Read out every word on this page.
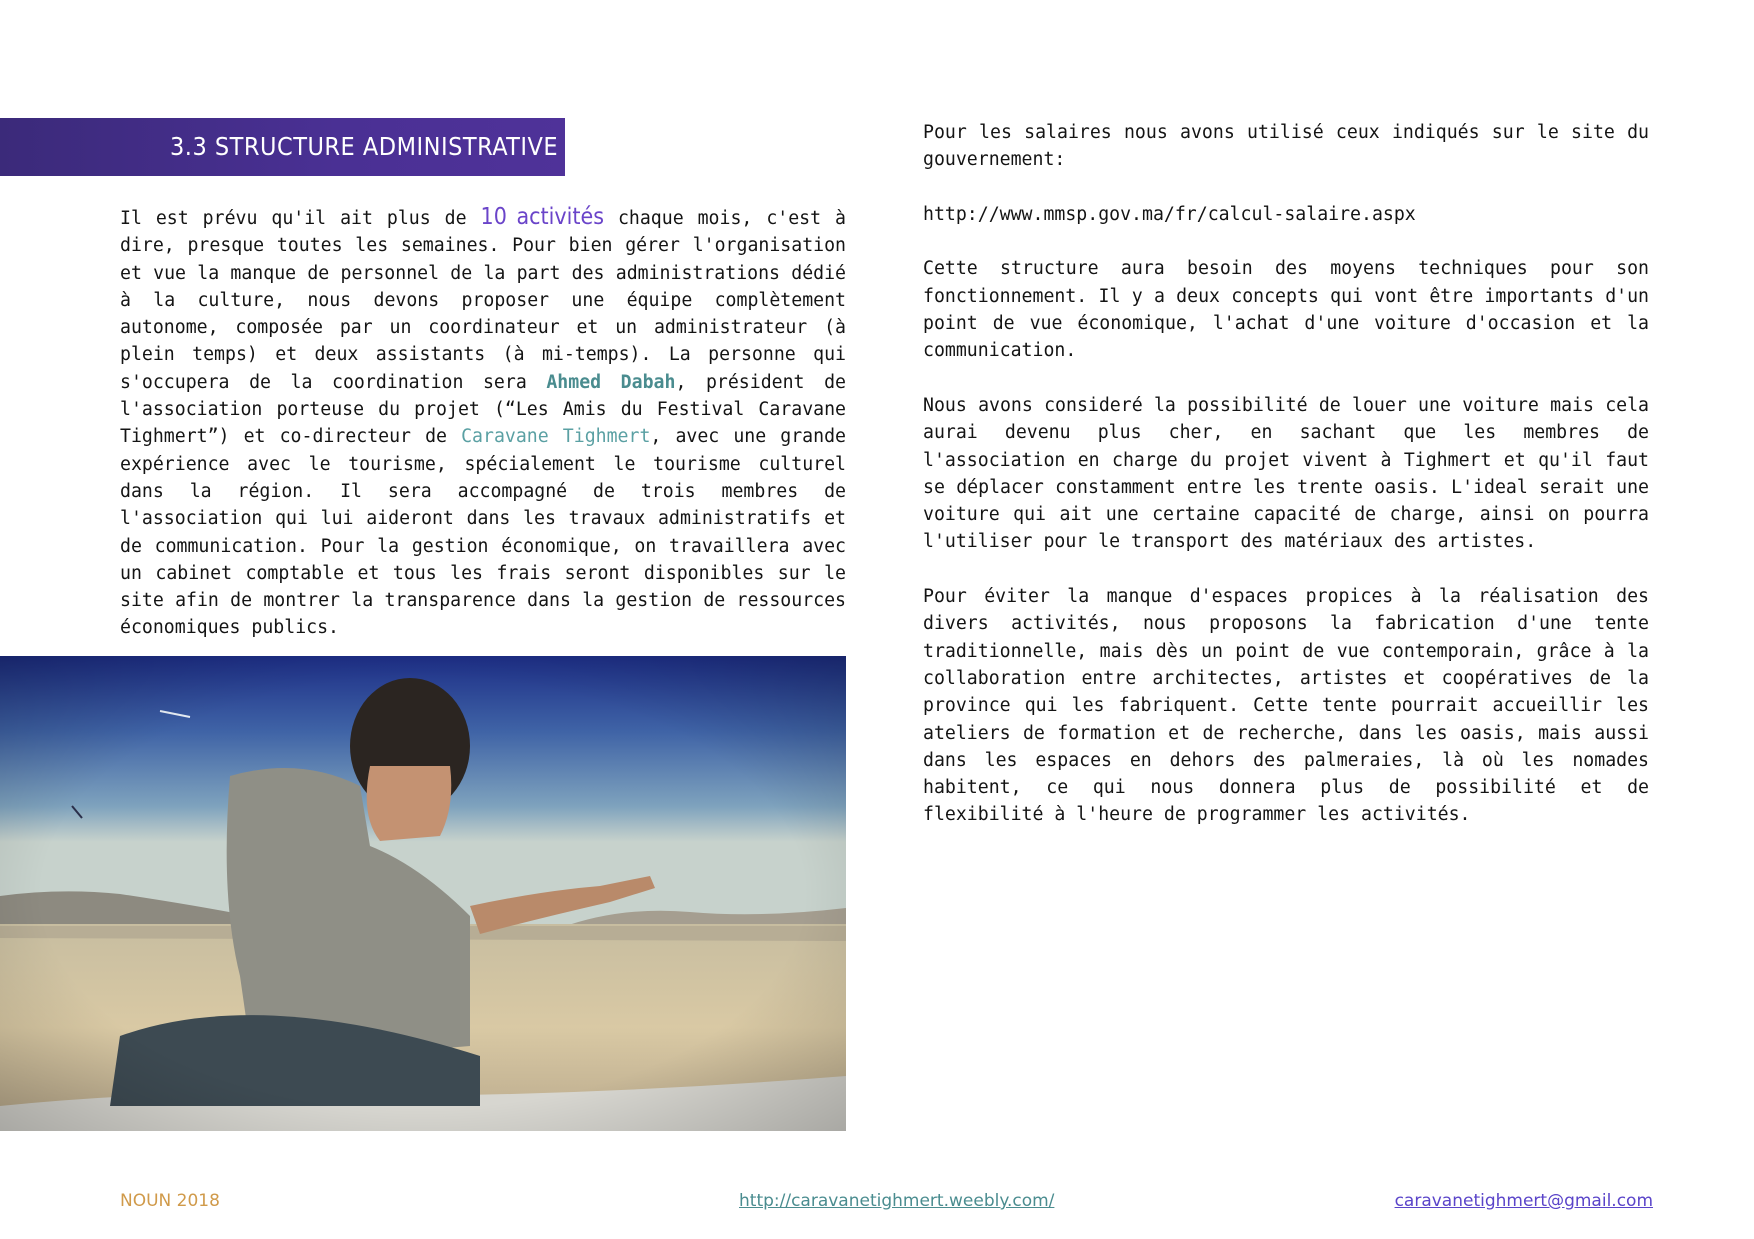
3.3 STRUCTURE ADMINISTRATIVE

Il est prévu qu'il ait plus de 10 activités chaque mois, c'est à dire, presque toutes les semaines. Pour bien gérer l'organisation et vue la manque de personnel de la part des administrations dédié à la culture, nous devons proposer une équipe complètement autonome, composée par un coordinateur et un administrateur (à plein temps) et deux assistants (à mi-temps). La personne qui s'occupera de la coordination sera Ahmed Dabah, président de l'association porteuse du projet (“Les Amis du Festival Caravane Tighmert”) et co-directeur de Caravane Tighmert, avec une grande expérience avec le tourisme, spécialement le tourisme culturel dans la région. Il sera accompagné de trois membres de l'association qui lui aideront dans les travaux administratifs et de communication. Pour la gestion économique, on travaillera avec un cabinet comptable et tous les frais seront disponibles sur le site afin de montrer la transparence dans la gestion de ressources économiques publics.

Pour les salaires nous avons utilisé ceux indiqués sur le site du gouvernement:

http://www.mmsp.gov.ma/fr/calcul-salaire.aspx

Cette structure aura besoin des moyens techniques pour son fonctionnement. Il y a deux concepts qui vont être importants d'un point de vue économique, l'achat d'une voiture d'occasion et la communication.

Nous avons consideré la possibilité de louer une voiture mais cela aurai devenu plus cher, en sachant que les membres de l'association en charge du projet vivent à Tighmert et qu'il faut se déplacer constamment entre les trente oasis. L'ideal serait une voiture qui ait une certaine capacité de charge, ainsi on pourra l'utiliser pour le transport des matériaux des artistes.

Pour éviter la manque d'espaces propices à la réalisation des divers activités, nous proposons la fabrication d'une tente traditionnelle, mais dès un point de vue contemporain, grâce à la collaboration entre architectes, artistes et coopératives de la province qui les fabriquent. Cette tente pourrait accueillir les ateliers de formation et de recherche, dans les oasis, mais aussi dans les espaces en dehors des palmeraies, là où les nomades habitent, ce qui nous donnera plus de possibilité et de flexibilité à l'heure de programmer les activités.

NOUN 2018	http://caravanetighmert.weebly.com/	caravanetighmert@gmail.com
